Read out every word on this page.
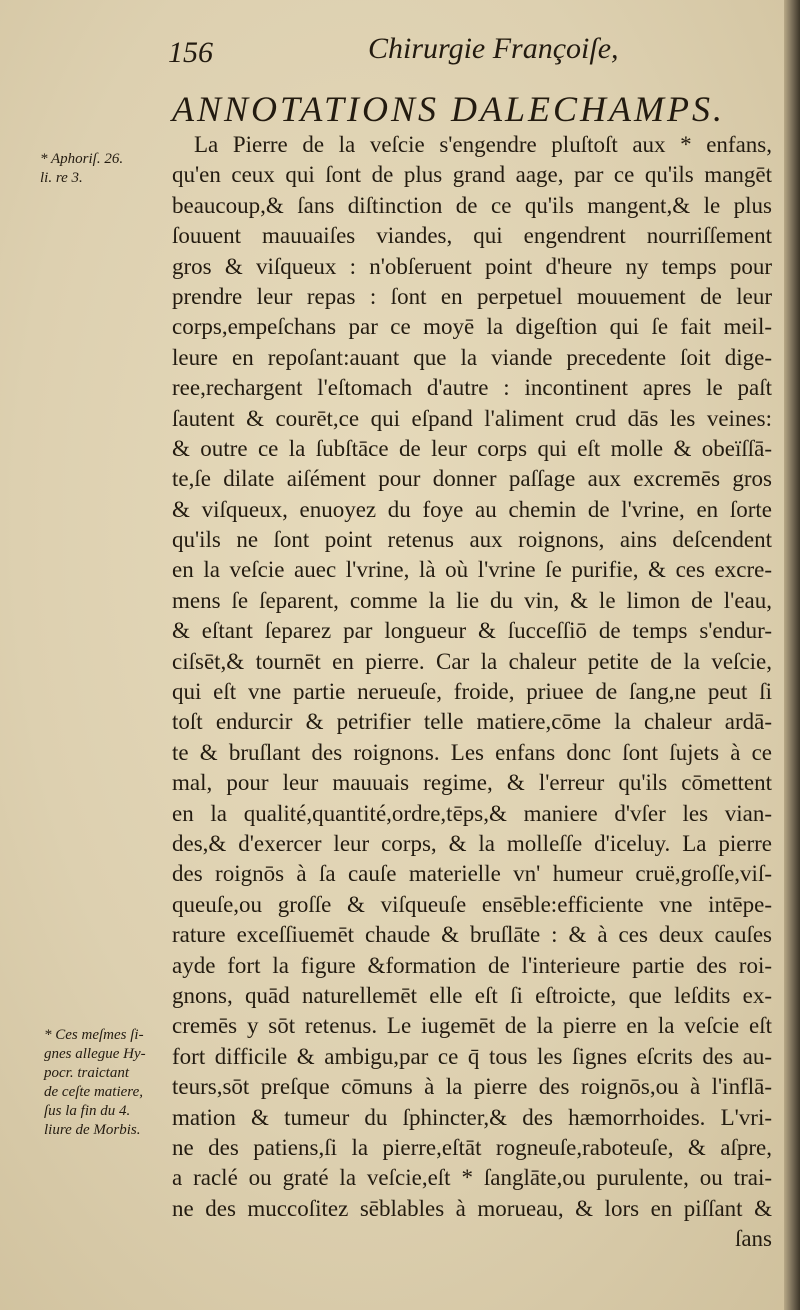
156	Chirurgie Françoiſe,
ANNOTATIONS DALECHAMPS.
* Aphoriſ. 26.
li. re 3.
* Ces meſmes ſi-
gnes allegue Hy-
pocr. traictant
de ceſte matiere,
ſus la fin du 4.
liure de Morbis.
La Pierre de la veſcie s'engendre pluſtoſt aux * enfans,
qu'en ceux qui ſont de plus grand aage, par ce qu'ils mangēt
beaucoup,& ſans diſtinction de ce qu'ils mangent,& le plus
ſouuent mauuaiſes viandes, qui engendrent nourriſſement
gros & viſqueux : n'obſeruent point d'heure ny temps pour
prendre leur repas : ſont en perpetuel mouuement de leur
corps,empeſchans par ce moyē la digeſtion qui ſe fait meil-
leure en repoſant:auant que la viande precedente ſoit dige-
ree,rechargent l'eſtomach d'autre : incontinent apres le paſt
ſautent & courēt,ce qui eſpand l'aliment crud dās les veines:
& outre ce la ſubſtāce de leur corps qui eſt molle & obeïſſā-
te,ſe dilate aiſément pour donner paſſage aux excremēs gros
& viſqueux, enuoyez du foye au chemin de l'vrine, en ſorte
qu'ils ne ſont point retenus aux roignons, ains deſcendent
en la veſcie auec l'vrine, là où l'vrine ſe purifie, & ces excre-
mens ſe ſeparent, comme la lie du vin, & le limon de l'eau,
& eſtant ſeparez par longueur & ſucceſſiō de temps s'endur-
ciſsēt,& tournēt en pierre. Car la chaleur petite de la veſcie,
qui eſt vne partie nerueuſe, froide, priuee de ſang,ne peut ſi
toſt endurcir & petrifier telle matiere,cōme la chaleur ardā-
te & bruſlant des roignons. Les enfans donc ſont ſujets à ce
mal, pour leur mauuais regime, & l'erreur qu'ils cōmettent
en la qualité,quantité,ordre,tēps,& maniere d'vſer les vian-
des,& d'exercer leur corps, & la molleſſe d'iceluy. La pierre
des roignōs à ſa cauſe materielle vn' humeur cruë,groſſe,viſ-
queuſe,ou groſſe & viſqueuſe ensēble:efficiente vne intēpe-
rature exceſſiuemēt chaude & bruſlāte : & à ces deux cauſes
ayde fort la figure &formation de l'interieure partie des roi-
gnons, quād naturellemēt elle eſt ſi eſtroicte, que leſdits ex-
cremēs y sōt retenus. Le iugemēt de la pierre en la veſcie eſt
fort difficile & ambigu,par ce q̄ tous les ſignes eſcrits des au-
teurs,sōt preſque cōmuns à la pierre des roignōs,ou à l'inflā-
mation & tumeur du ſphincter,& des hæmorrhoides. L'vri-
ne des patiens,ſi la pierre,eſtāt rogneuſe,raboteuſe, & aſpre,
a raclé ou graté la veſcie,eſt * ſanglāte,ou purulente, ou trai-
ne des muccoſitez sēblables à morueau, & lors en piſſant &
ſans
